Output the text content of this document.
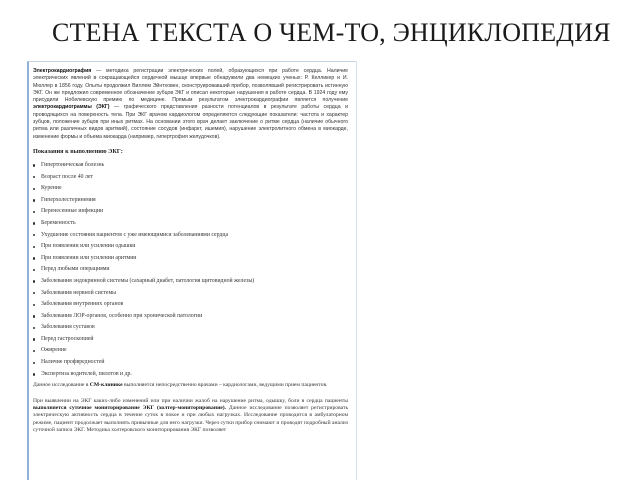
СТЕНА ТЕКСТА О ЧЕМ-ТО, ЭНЦИКЛОПЕДИЯ

Электрокардиография — методика регистрации электрических полей, образующихся при работе сердца. Наличие электрических явлений в сокращающейся сердечной мышце впервые обнаружили два немецких ученых: Р. Келликер и И. Мюллер в 1856 году. Опыты продолжил Виллем Эйнтховен, сконструировавший прибор, позволявший регистрировать истинную ЭКГ. Он же предложил современное обозначение зубцов ЭКГ и описал некоторые нарушения в работе сердца. В 1924 году ему присудили Нобелевскую премию по медицине. Прямым результатом электрокардиографии является получение электрокардиограммы (ЭКГ) — графического представления разности потенциалов в результате работы сердца и проводящихся на поверхность тела. При ЭКГ врачом кардиологом определяются следующие показатели: частота и характер зубцов, положение зубцов при иных ритмах. На основании этого врач делает заключение о ритме сердца (наличие обычного ритма или различных видов аритмий), состояние сосудов (инфаркт, ишемия), нарушение электролитного обмена в миокарде, изменение формы и объема миокарда (например, гипертрофия желудочков).

Показания к выполнению ЭКГ:
Гипертоническая болезнь
Возраст после 40 лет
Курение
Гиперхолестеринемия
Перенесенные инфекции
Беременность
Ухудшение состояния пациентов с уже имеющимися заболеваниями сердца
При появлении или усилении одышки
При появлении или усилении аритмии
Перед любыми операциями
Заболевания эндокринной системы (сахарный диабет, патология щитовидной железы)
Заболевания нервной системы
Заболевания внутренних органов
Заболевания ЛОР-органов, особенно при хронической патологии
Заболевания суставов
Перед гастроскопией
Ожирение
Наличие профвредностей
Экспертиза водителей, пилотов и др.

Данное исследование в СМ-клинике выполняется непосредственно врачами – кардиологами, ведущими прием пациентов.

При выявлении на ЭКГ каких-либо изменений или при наличии жалоб на нарушение ритма, одышку, боли в сердца пациенты выполняется суточное мониторирование ЭКГ (холтер-мониторирование). Данное исследование позволяет регистрировать электрическую активность сердца в течение суток в покое и при любых нагрузках. Исследование проводится в амбулаторном режиме, пациент продолжает выполнять привычные для него нагрузки. Через сутки прибор снимают и проводят подробный анализ суточной записи ЭКГ. Методика холтеровского мониторирования ЭКГ позволяет
